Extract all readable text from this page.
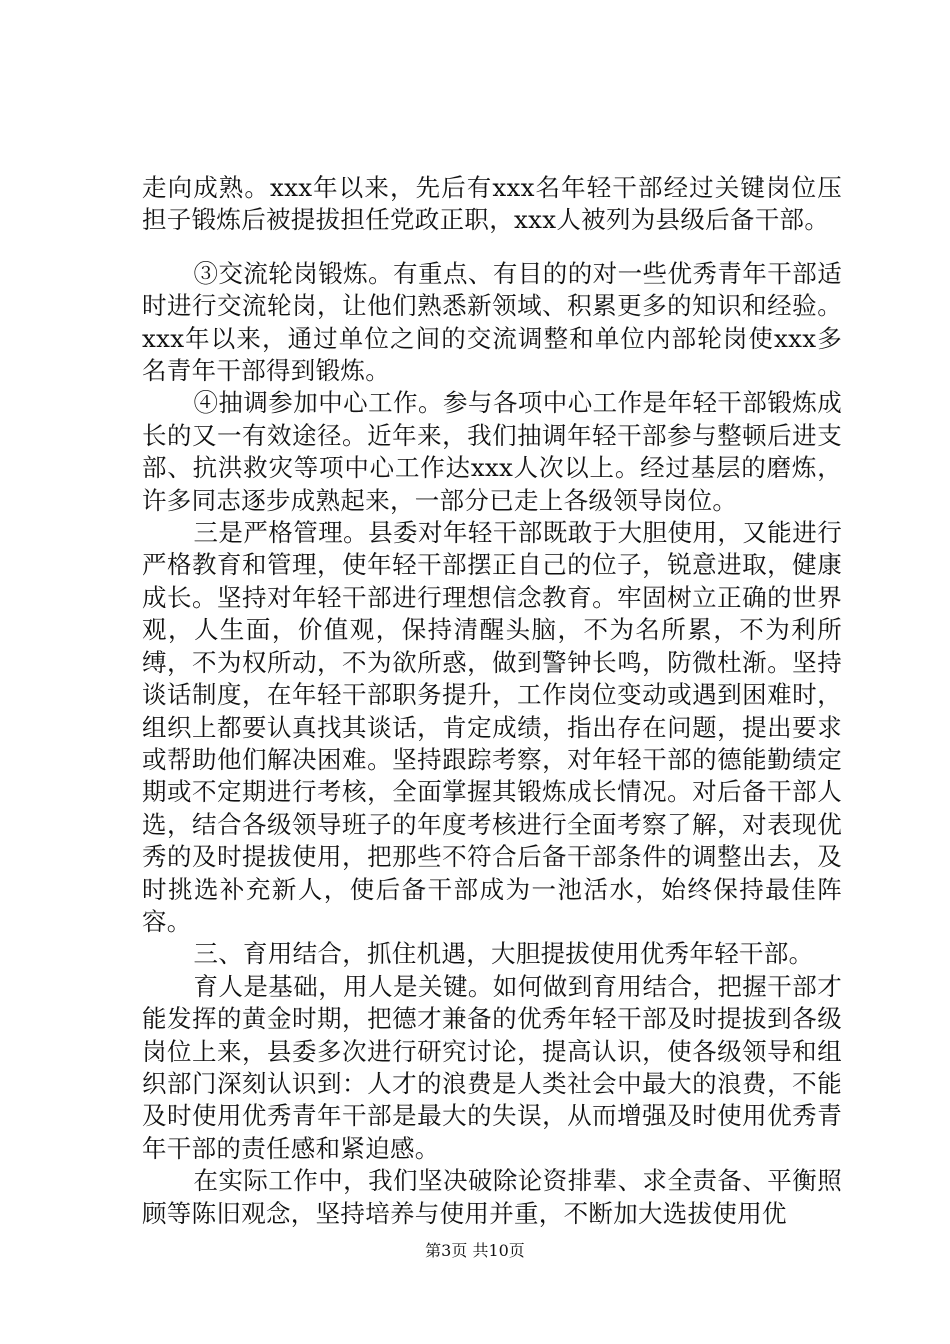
走向成熟。xxx年以来，先后有xxx名年轻干部经过关键岗位压担子锻炼后被提拔担任党政正职，xxx人被列为县级后备干部。

③交流轮岗锻炼。有重点、有目的的对一些优秀青年干部适时进行交流轮岗，让他们熟悉新领域、积累更多的知识和经验。xxx年以来，通过单位之间的交流调整和单位内部轮岗使xxx多名青年干部得到锻炼。

④抽调参加中心工作。参与各项中心工作是年轻干部锻炼成长的又一有效途径。近年来，我们抽调年轻干部参与整顿后进支部、抗洪救灾等项中心工作达xxx人次以上。经过基层的磨炼，许多同志逐步成熟起来，一部分已走上各级领导岗位。

三是严格管理。县委对年轻干部既敢于大胆使用，又能进行严格教育和管理，使年轻干部摆正自己的位子，锐意进取，健康成长。坚持对年轻干部进行理想信念教育。牢固树立正确的世界观，人生面，价值观，保持清醒头脑，不为名所累，不为利所缚，不为权所动，不为欲所惑，做到警钟长鸣，防微杜渐。坚持谈话制度，在年轻干部职务提升，工作岗位变动或遇到困难时，组织上都要认真找其谈话，肯定成绩，指出存在问题，提出要求或帮助他们解决困难。坚持跟踪考察，对年轻干部的德能勤绩定期或不定期进行考核，全面掌握其锻炼成长情况。对后备干部人选，结合各级领导班子的年度考核进行全面考察了解，对表现优秀的及时提拔使用，把那些不符合后备干部条件的调整出去，及时挑选补充新人，使后备干部成为一池活水，始终保持最佳阵容。

三、育用结合，抓住机遇，大胆提拔使用优秀年轻干部。

育人是基础，用人是关键。如何做到育用结合，把握干部才能发挥的黄金时期，把德才兼备的优秀年轻干部及时提拔到各级岗位上来，县委多次进行研究讨论，提高认识，使各级领导和组织部门深刻认识到：人才的浪费是人类社会中最大的浪费，不能及时使用优秀青年干部是最大的失误，从而增强及时使用优秀青年干部的责任感和紧迫感。

在实际工作中，我们坚决破除论资排辈、求全责备、平衡照顾等陈旧观念，坚持培养与使用并重，不断加大选拔使用优

第3页 共10页
